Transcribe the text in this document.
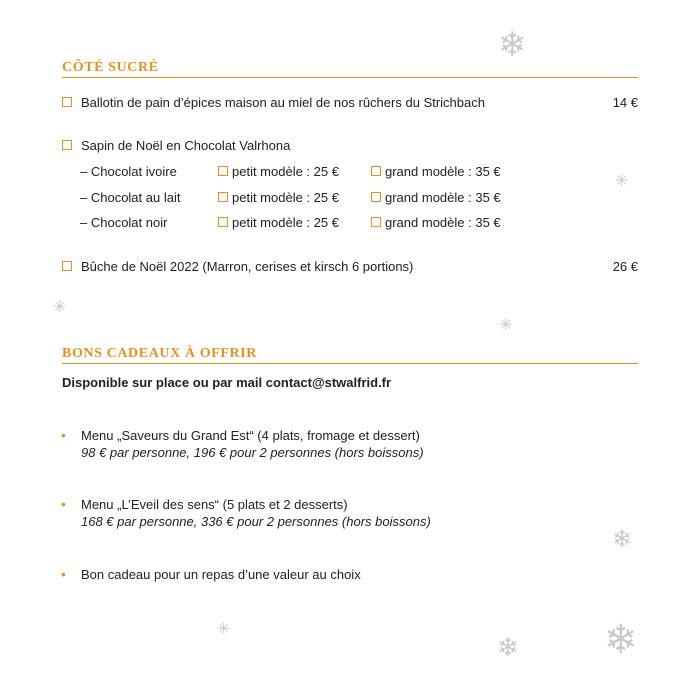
❄
✳
✳
✳
❄
✳
❄ ❄
CÔTÉ SUCRÉ
Ballotin de pain d’épices maison au miel de nos rûchers du Strichbach	14 €
Sapin de Noël en Chocolat Valrhona
– Chocolat ivoire	petit modèle : 25 €	grand modèle : 35 €
– Chocolat au lait	petit modèle : 25 €	grand modèle : 35 €
– Chocolat noir	petit modèle : 25 €	grand modèle : 35 €
Bûche de Noël 2022 (Marron, cerises et kirsch 6 portions)	26 €
BONS CADEAUX À OFFRIR
Disponible sur place ou par mail contact@stwalfrid.fr
• Menu „Saveurs du Grand Est“ (4 plats, fromage et dessert)
98 € par personne, 196 € pour 2 personnes (hors boissons)
• Menu „L’Eveil des sens“ (5 plats et 2 desserts)
168 € par personne, 336 € pour 2 personnes (hors boissons)
• Bon cadeau pour un repas d’une valeur au choix
